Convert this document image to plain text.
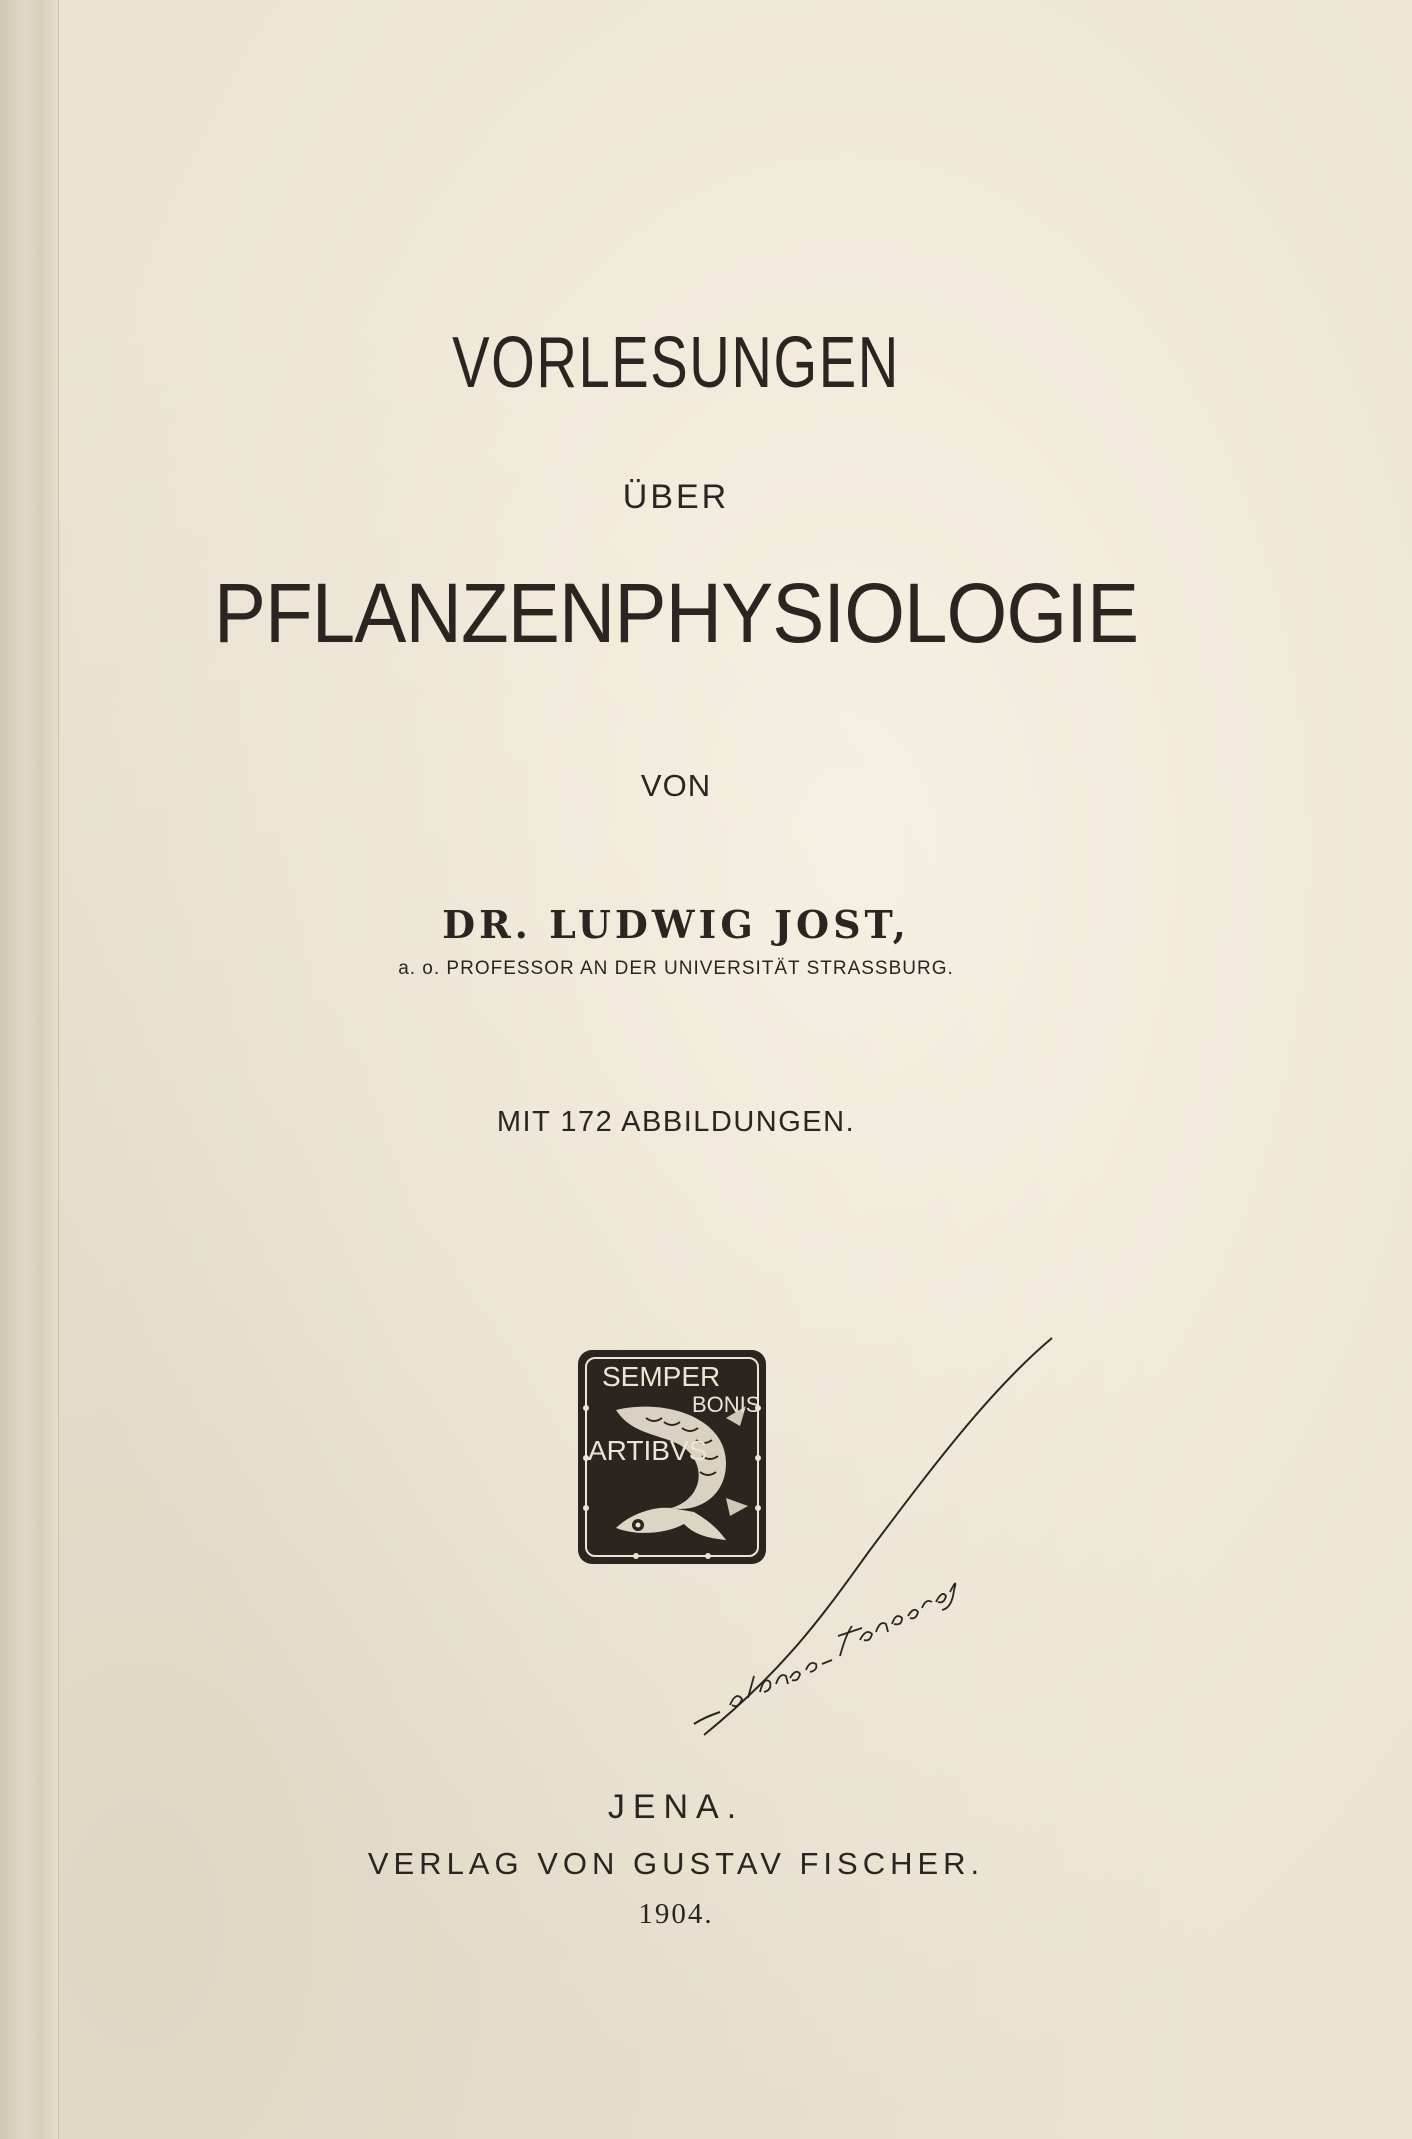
VORLESUNGEN
ÜBER
PFLANZENPHYSIOLOGIE
VON
DR. LUDWIG JOST,
a. o. PROFESSOR AN DER UNIVERSITÄT STRASSBURG.
MIT 172 ABBILDUNGEN.
SEMPER
BONIS
ARTIBVS
JENA.
VERLAG VON GUSTAV FISCHER.
1904.
